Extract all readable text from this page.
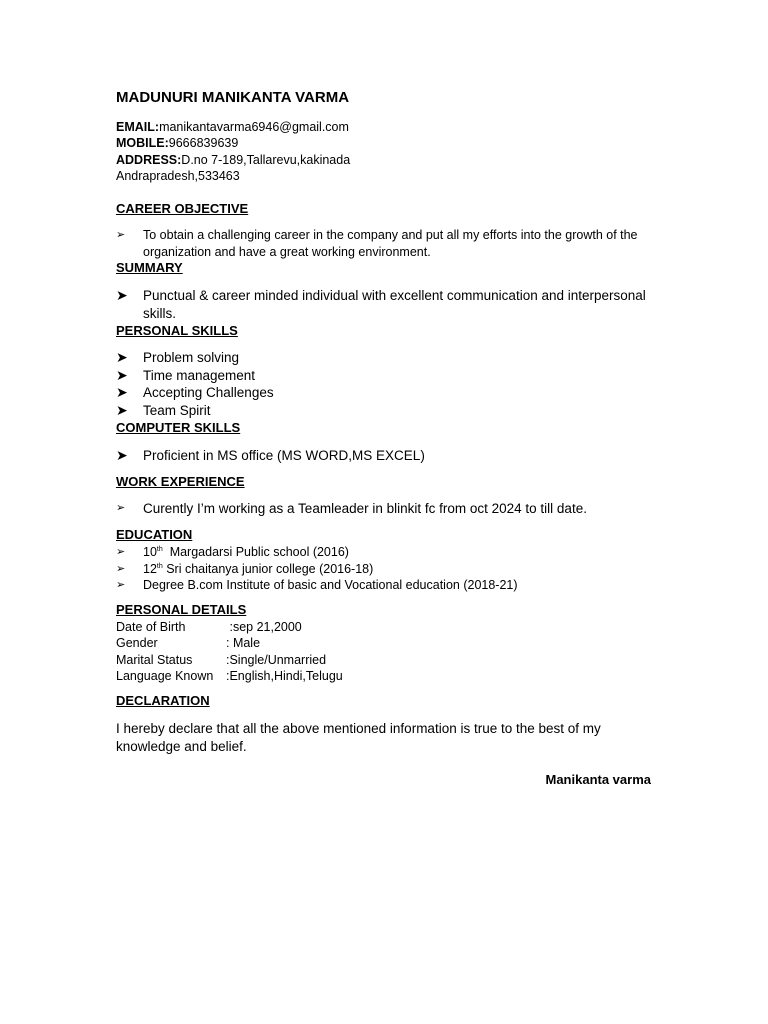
MADUNURI MANIKANTA VARMA
EMAIL:manikantavarma6946@gmail.com
MOBILE:9666839639
ADDRESS:D.no 7-189,Tallarevu,kakinada
Andrapradesh,533463
CAREER OBJECTIVE
➢ To obtain a challenging career in the company and put all my efforts into the growth of the organization and have a great working environment.
SUMMARY
➤ Punctual & career minded individual with excellent communication and interpersonal skills.
PERSONAL SKILLS
➤ Problem solving
➤ Time management
➤ Accepting Challenges
➤ Team Spirit
COMPUTER SKILLS
➤ Proficient in MS office (MS WORD,MS EXCEL)
WORK EXPERIENCE
➢ Curently I’m working as a Teamleader in blinkit fc from oct 2024 to till date.
EDUCATION
➢ 10th  Margadarsi Public school (2016)
➢ 12th Sri chaitanya junior college (2016-18)
➢ Degree B.com Institute of basic and Vocational education (2018-21)
PERSONAL DETAILS
Date of Birth	:sep 21,2000
Gender	: Male
Marital Status	:Single/Unmarried
Language Known :English,Hindi,Telugu
DECLARATION
I hereby declare that all the above mentioned information is true to the best of my knowledge and belief.
Manikanta varma
